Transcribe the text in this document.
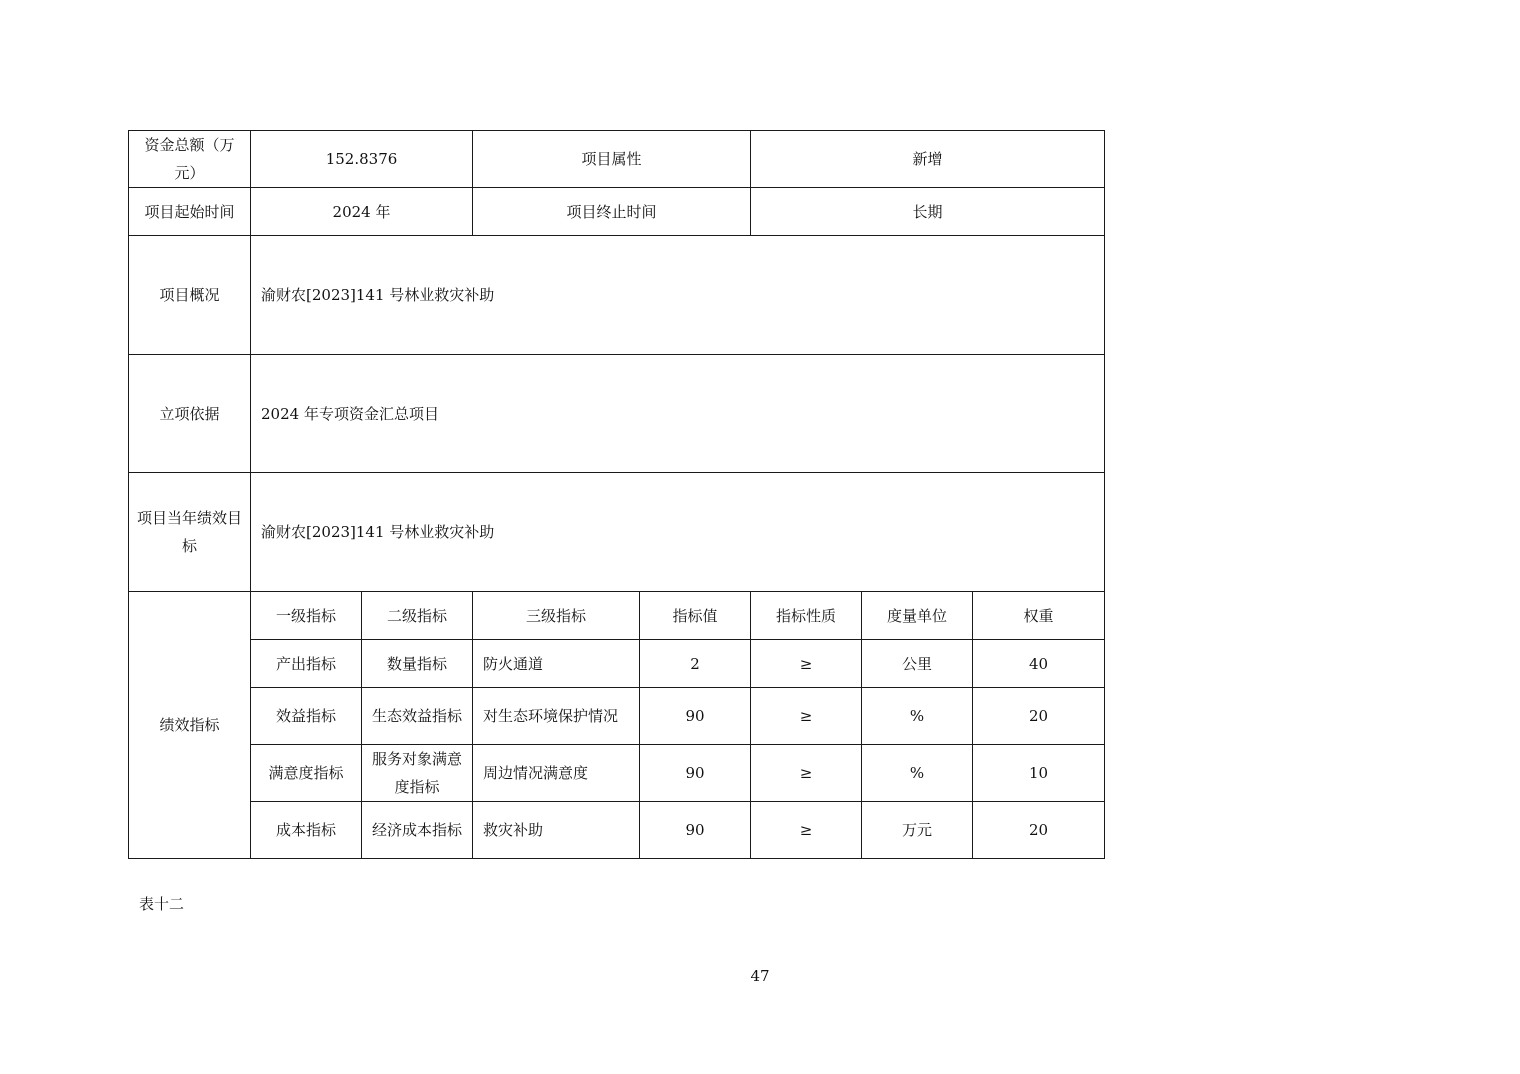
资金总额（万元）	152.8376		项目属性		新增		
项目起始时间	2024 年		项目终止时间		长期		
项目概况	渝财农[2023]141 号林业救灾补助						
立项依据	2024 年专项资金汇总项目						
项目当年绩效目标	渝财农[2023]141 号林业救灾补助						
绩效指标	一级指标	二级指标	三级指标	指标值	指标性质	度量单位	权重
	产出指标	数量指标	防火通道	2	≥	公里	40
	效益指标	生态效益指标	对生态环境保护情况	90	≥	%	20
	满意度指标	服务对象满意度指标	周边情况满意度	90	≥	%	10
	成本指标	经济成本指标	救灾补助	90	≥	万元	20
表十二
47
